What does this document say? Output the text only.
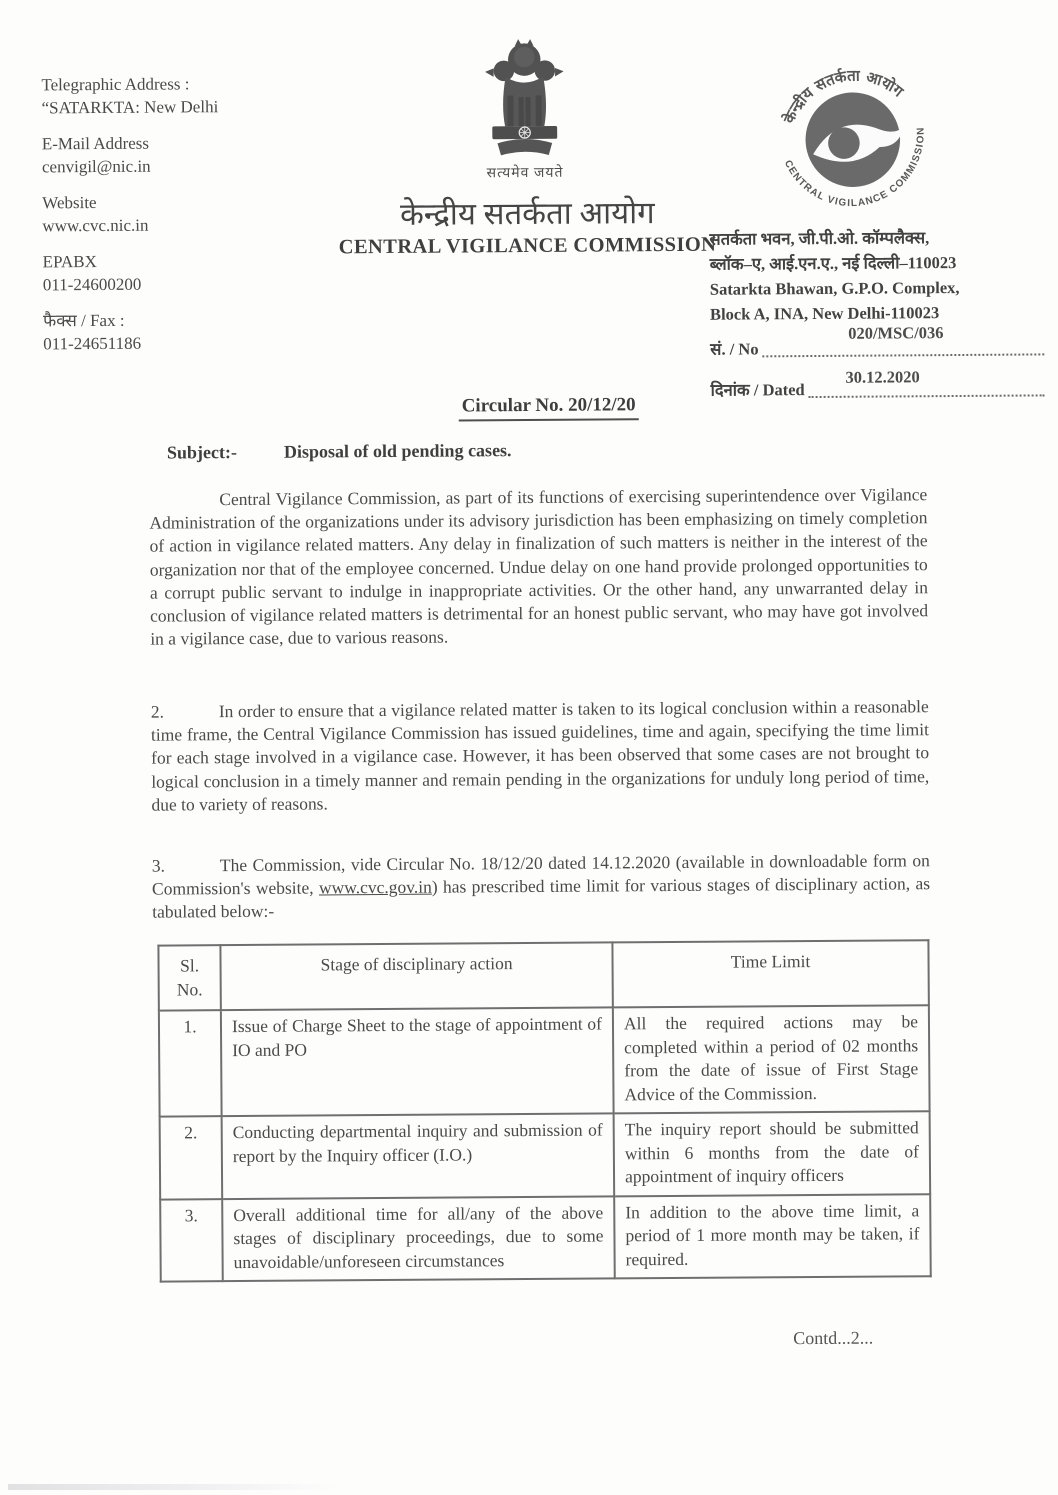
Telegraphic Address :
“SATARKTA: New Delhi
E-Mail Address
cenvigil@nic.in
Website
www.cvc.nic.in
EPABX
011-24600200
फैक्स / Fax :
011-24651186
सत्यमेव जयते
केन्द्रीय सतर्कता आयोग
CENTRAL VIGILANCE COMMISSION
केन्द्रीय सतर्कता आयोग
CENTRAL VIGILANCE COMMISSION
सतर्कता भवन, जी.पी.ओ. कॉम्पलैक्स,
ब्लॉक–ए, आई.एन.ए., नई दिल्ली–110023
Satarkta Bhawan, G.P.O. Complex,
Block A, INA, New Delhi-110023
020/MSC/036
सं. / No
30.12.2020
दिनांक / Dated
Circular No. 20/12/20
Subject:-	Disposal of old pending cases.

Central Vigilance Commission, as part of its functions of exercising superintendence over Vigilance Administration of the organizations under its advisory jurisdiction has been emphasizing on timely completion of action in vigilance related matters. Any delay in finalization of such matters is neither in the interest of the organization nor that of the employee concerned. Undue delay on one hand provide prolonged opportunities to a corrupt public servant to indulge in inappropriate activities. Or the other hand, any unwarranted delay in conclusion of vigilance related matters is detrimental for an honest public servant, who may have got involved in a vigilance case, due to various reasons.

2.	In order to ensure that a vigilance related matter is taken to its logical conclusion within a reasonable time frame, the Central Vigilance Commission has issued guidelines, time and again, specifying the time limit for each stage involved in a vigilance case. However, it has been observed that some cases are not brought to logical conclusion in a timely manner and remain pending in the organizations for unduly long period of time, due to variety of reasons.

3.	The Commission, vide Circular No. 18/12/20 dated 14.12.2020 (available in downloadable form on Commission's website, www.cvc.gov.in) has prescribed time limit for various stages of disciplinary action, as tabulated below:-

Sl. No.	Stage of disciplinary action	Time Limit
1.	Issue of Charge Sheet to the stage of appointment of IO and PO	All the required actions may be completed within a period of 02 months from the date of issue of First Stage Advice of the Commission.
2.	Conducting departmental inquiry and submission of report by the Inquiry officer (I.O.)	The inquiry report should be submitted within 6 months from the date of appointment of inquiry officers
3.	Overall additional time for all/any of the above stages of disciplinary proceedings, due to some unavoidable/unforeseen circumstances	In addition to the above time limit, a period of 1 more month may be taken, if required.
Contd...2...
